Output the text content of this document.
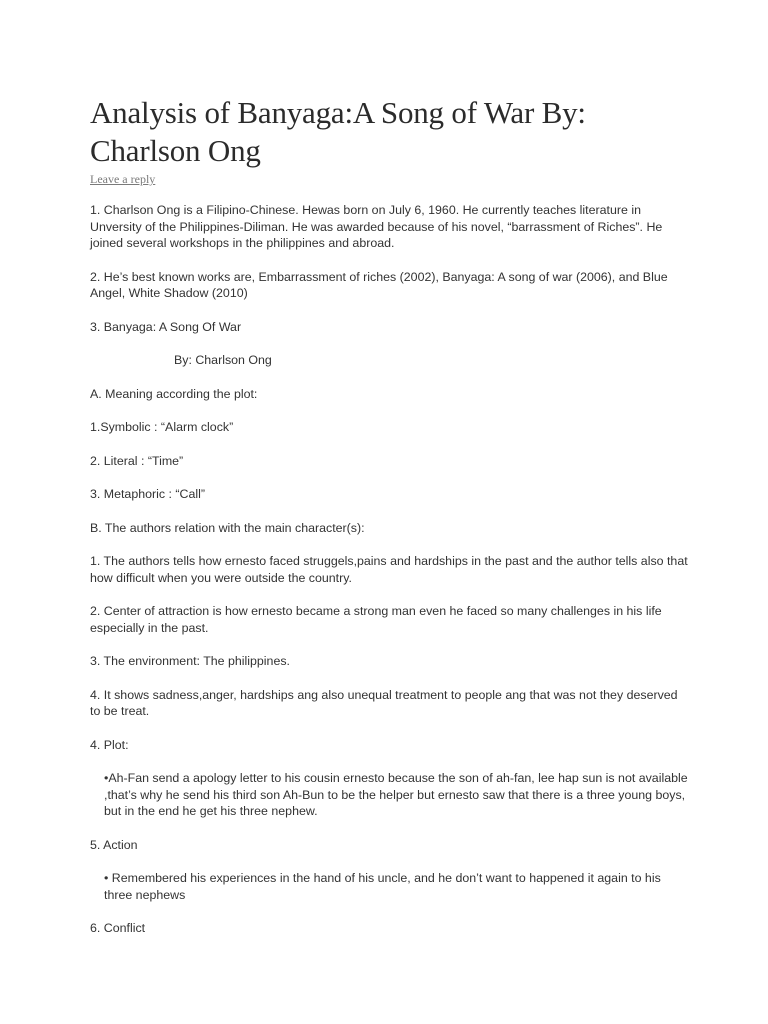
Analysis of Banyaga:A Song of War By:
Charlson Ong
Leave a reply

1. Charlson Ong is a Filipino-Chinese. Hewas born on July 6, 1960. He currently teaches literature in Unversity of the Philippines-Diliman. He was awarded because of his novel, “barrassment of Riches”. He joined several workshops in the philippines and abroad.

2. He’s best known works are, Embarrassment of riches (2002), Banyaga: A song of war (2006), and Blue Angel, White Shadow (2010)

3. Banyaga: A Song Of War

By: Charlson Ong

A. Meaning according the plot:

1.Symbolic : “Alarm clock”

2. Literal : “Time”

3. Metaphoric : “Call”

B. The authors relation with the main character(s):

1. The authors tells how ernesto faced struggels,pains and hardships in the past and the author tells also that how difficult when you were outside the country.

2. Center of attraction is how ernesto became a strong man even he faced so many challenges in his life especially in the past.

3. The environment: The philippines.

4. It shows sadness,anger, hardships ang also unequal treatment to people ang that was not they deserved to be treat.

4. Plot:

•Ah-Fan send a apology letter to his cousin ernesto because the son of ah-fan, lee hap sun is not available ,that’s why he send his third son Ah-Bun to be the helper but ernesto saw that there is a three young boys, but in the end he get his three nephew.

5. Action

• Remembered his experiences in the hand of his uncle, and he don’t want to happened it again to his three nephews

6. Conflict
